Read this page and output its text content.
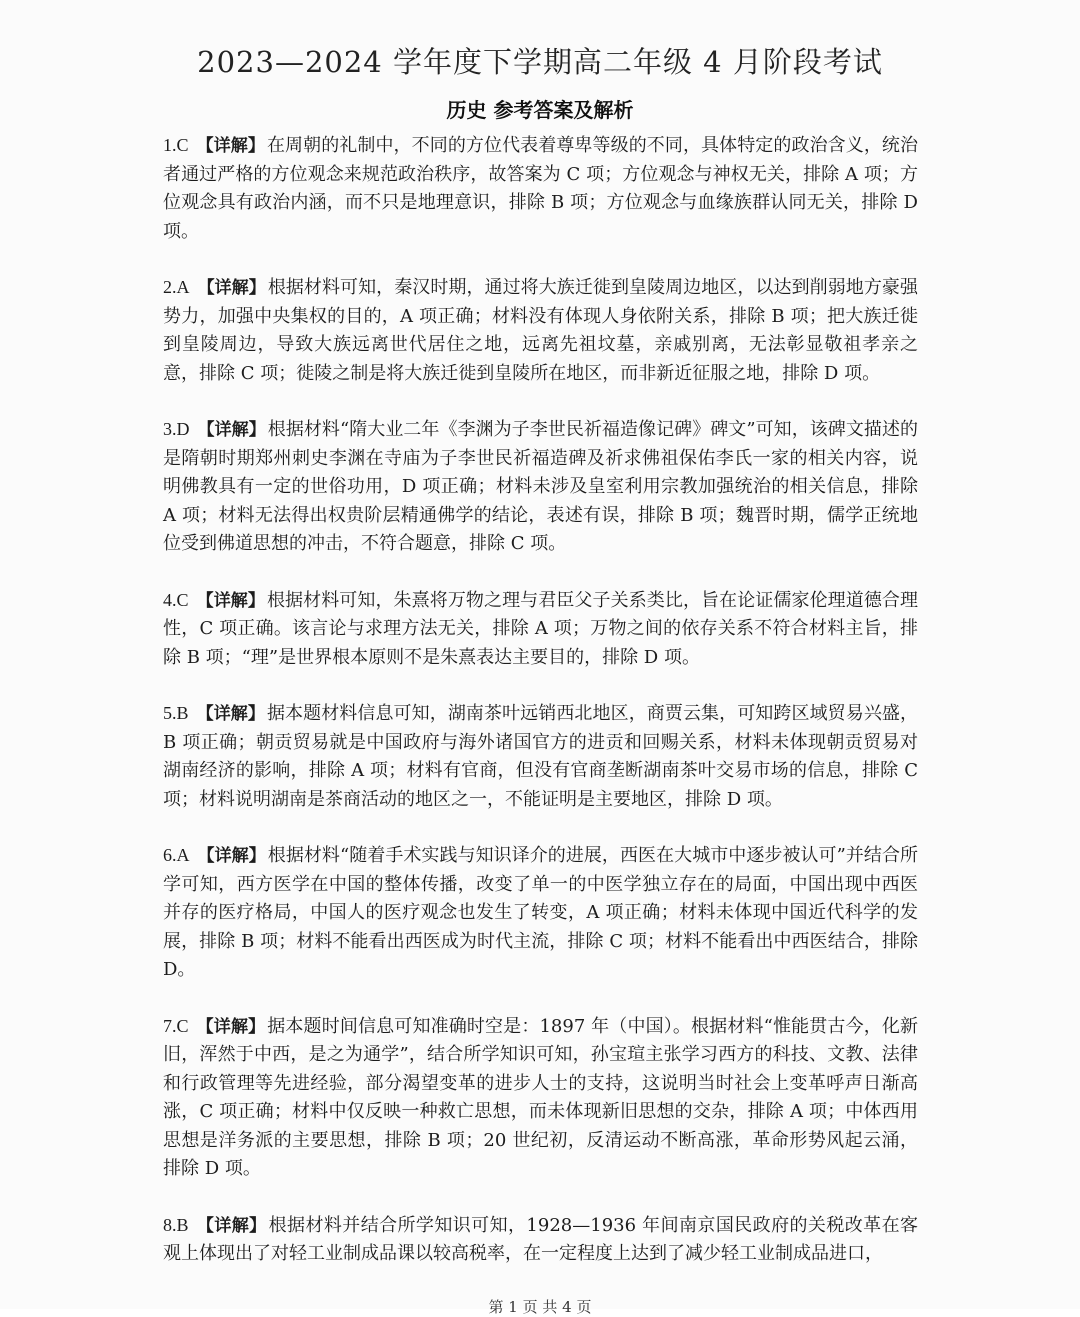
2023—2024 学年度下学期高二年级 4 月阶段考试
历史 参考答案及解析

1.C 【详解】 在周朝的礼制中，不同的方位代表着尊卑等级的不同，具体特定的政治含义，统治者通过严格的方位观念来规范政治秩序，故答案为 C 项；方位观念与神权无关，排除 A 项；方位观念具有政治内涵，而不只是地理意识，排除 B 项；方位观念与血缘族群认同无关，排除 D 项。

2.A 【详解】 根据材料可知，秦汉时期，通过将大族迁徙到皇陵周边地区，以达到削弱地方豪强势力，加强中央集权的目的，A 项正确；材料没有体现人身依附关系，排除 B 项；把大族迁徙到皇陵周边，导致大族远离世代居住之地，远离先祖坟墓，亲戚别离，无法彰显敬祖孝亲之意，排除 C 项；徙陵之制是将大族迁徙到皇陵所在地区，而非新近征服之地，排除 D 项。

3.D 【详解】 根据材料“隋大业二年《李渊为子李世民祈福造像记碑》碑文”可知，该碑文描述的是隋朝时期郑州刺史李渊在寺庙为子李世民祈福造碑及祈求佛祖保佑李氏一家的相关内容，说明佛教具有一定的世俗功用，D 项正确；材料未涉及皇室利用宗教加强统治的相关信息，排除 A 项；材料无法得出权贵阶层精通佛学的结论，表述有误，排除 B 项；魏晋时期，儒学正统地位受到佛道思想的冲击，不符合题意，排除 C 项。

4.C 【详解】 根据材料可知，朱熹将万物之理与君臣父子关系类比，旨在论证儒家伦理道德合理性，C 项正确。该言论与求理方法无关，排除 A 项；万物之间的依存关系不符合材料主旨，排除 B 项；“理”是世界根本原则不是朱熹表达主要目的，排除 D 项。

5.B 【详解】 据本题材料信息可知，湖南茶叶远销西北地区，商贾云集，可知跨区域贸易兴盛，B 项正确；朝贡贸易就是中国政府与海外诸国官方的进贡和回赐关系，材料未体现朝贡贸易对湖南经济的影响，排除 A 项；材料有官商，但没有官商垄断湖南茶叶交易市场的信息，排除 C 项；材料说明湖南是茶商活动的地区之一，不能证明是主要地区，排除 D 项。

6.A 【详解】 根据材料“随着手术实践与知识译介的进展，西医在大城市中逐步被认可”并结合所学可知，西方医学在中国的整体传播，改变了单一的中医学独立存在的局面，中国出现中西医并存的医疗格局，中国人的医疗观念也发生了转变，A 项正确；材料未体现中国近代科学的发展，排除 B 项；材料不能看出西医成为时代主流，排除 C 项；材料不能看出中西医结合，排除 D。

7.C 【详解】 据本题时间信息可知准确时空是：1897 年（中国）。根据材料“惟能贯古今，化新旧，浑然于中西，是之为通学”，结合所学知识可知，孙宝瑄主张学习西方的科技、文教、法律和行政管理等先进经验，部分渴望变革的进步人士的支持，这说明当时社会上变革呼声日渐高涨，C 项正确；材料中仅反映一种救亡思想，而未体现新旧思想的交杂，排除 A 项；中体西用思想是洋务派的主要思想，排除 B 项；20 世纪初，反清运动不断高涨，革命形势风起云涌，排除 D 项。

8.B 【详解】 根据材料并结合所学知识可知，1928—1936 年间南京国民政府的关税改革在客观上体现出了对轻工业制成品课以较高税率，在一定程度上达到了减少轻工业制成品进口，

第 1 页 共 4 页
